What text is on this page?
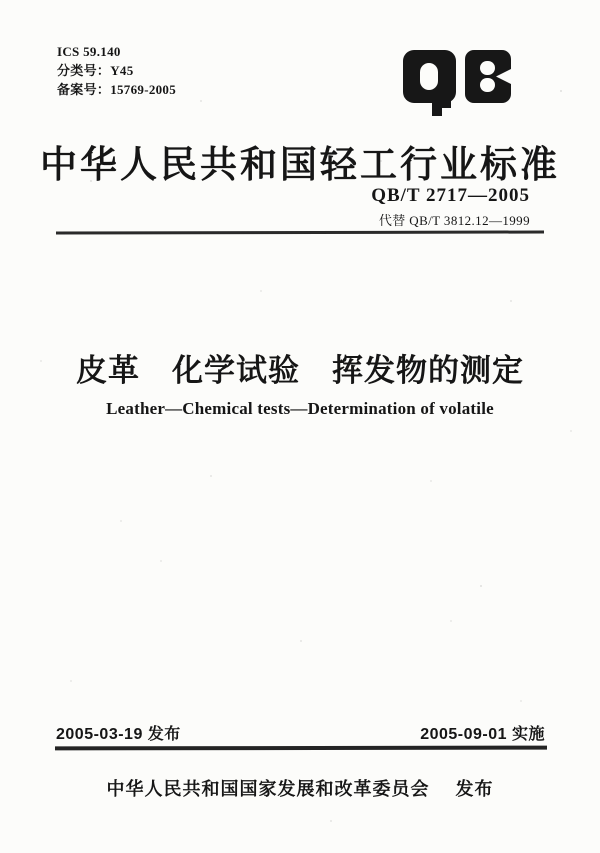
ICS 59.140
分类号：Y45
备案号：15769-2005
中华人民共和国轻工行业标准
QB/T 2717—2005
代替 QB/T 3812.12—1999
皮革　化学试验　挥发物的测定
Leather—Chemical tests—Determination of volatile
2005-03-19 发布	2005-09-01 实施
中华人民共和国国家发展和改革委员会 发布
